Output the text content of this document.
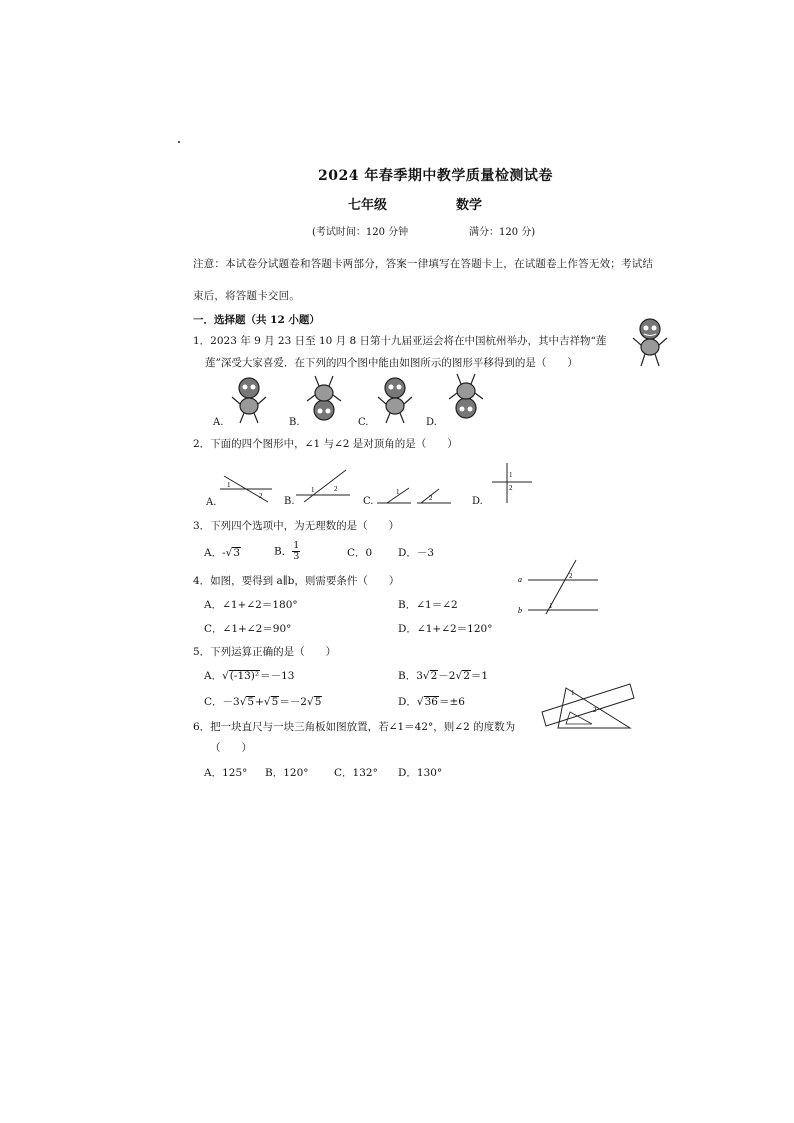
2024 年春季期中教学质量检测试卷
七年级	数学
(考试时间：120 分钟	满分：120 分)
注意：本试卷分试题卷和答题卡两部分，答案一律填写在答题卡上，在试题卷上作答无效；考试结
束后，将答题卡交回。
一．选择题（共 12 小题）
1．2023 年 9 月 23 日至 10 月 8 日第十九届亚运会将在中国杭州举办，其中吉祥物“莲
莲”深受大家喜爱．在下列的四个图中能由如图所示的图形平移得到的是（　　）
A.	B.	C.	D.
2．下面的四个图形中，∠1 与∠2 是对顶角的是（　　）
1
2
1	2	1
2
1
2
A.	B.	C.	D.
3．下列四个选项中，为无理数的是（　　）
A．-√3	B． $\frac{1}{3}$	C．0 D．－3
4．如图，要得到 a∥b，则需要条件（　　）
A．∠1+∠2＝180°	B．∠1＝∠2
C．∠1+∠2＝90°	D．∠1+∠2＝120°
a
b
2
1
5．下列运算正确的是（　　）
A．√(-13)²＝－13	B．3√2－2√2＝1
C．－3√5+√5＝－2√5	D．√36＝±6
1
2
6．把一块直尺与一块三角板如图放置，若∠1＝42°，则∠2 的度数为
（　　）
A．125° B．120° C．132° D．130°
